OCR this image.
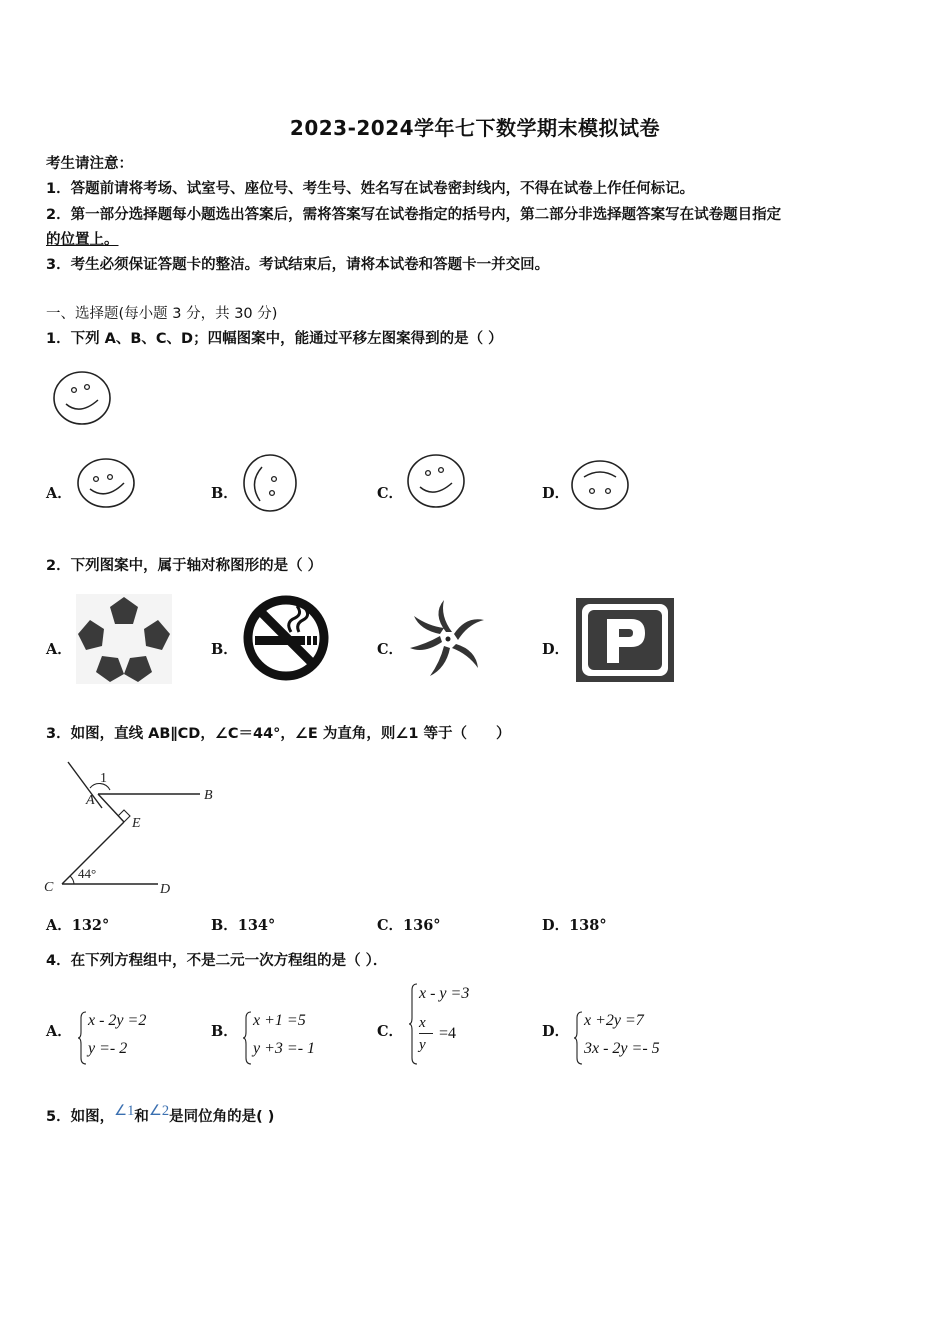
2023-2024学年七下数学期末模拟试卷
考生请注意：
1．答题前请将考场、试室号、座位号、考生号、姓名写在试卷密封线内，不得在试卷上作任何标记。
2．第一部分选择题每小题选出答案后，需将答案写在试卷指定的括号内，第二部分非选择题答案写在试卷题目指定
的位置上。
3．考生必须保证答题卡的整洁。考试结束后，请将本试卷和答题卡一并交回。
一、选择题(每小题 3 分，共 30 分)
1．下列 A、B、C、D；四幅图案中，能通过平移左图案得到的是（ ）
A．	B．	C．	D．
2．下列图案中，属于轴对称图形的是（ ）
A．	B．	C．	D．
3．如图，直线 AB∥CD，∠C＝44°，∠E 为直角，则∠1 等于（　　）
1
A	B
E
C	D
44°
A．132°	B．134°	C．136°	D．138°
4．在下列方程组中，不是二元一次方程组的是（ ）．
A．
x - 2y =2
y =- 2
B．
x +1 =5
y +3 =- 1
C．
x - y =3
x
y
=4	D．
x +2y =7
3x - 2y =- 5
5．如图，∠1和∠2是同位角的是( )
